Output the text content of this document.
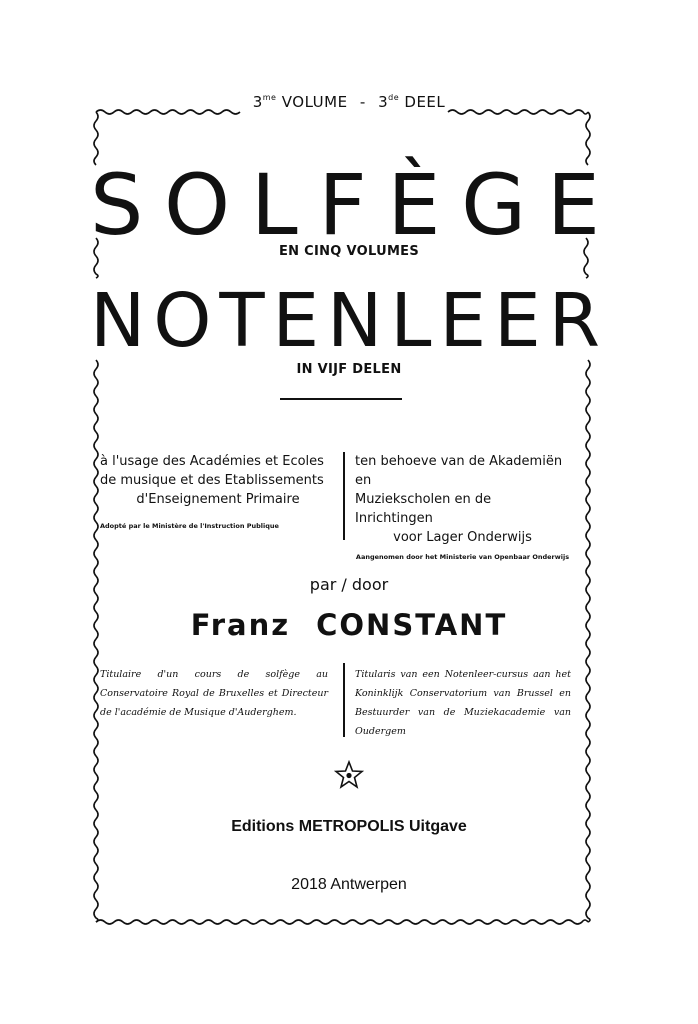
$3^{me}$ VOLUME - 3de DEEL
S O L F È G E
EN CINQ VOLUMES
N O T E N L E E R
IN VIJF DELEN
à l'usage des Académies et Ecoles
de musique et des Etablissements
d'Enseignement Primaire
Adopté par le Ministère de l'Instruction Publique
ten behoeve van de Akademiën en
Muziekscholen en de Inrichtingen
voor Lager Onderwijs
Aangenomen door het Ministerie van Openbaar Onderwijs
par / door
Franz CONSTANT
Titulaire d'un cours de solfège au Conservatoire Royal de Bruxelles et Directeur de l'académie de Musique d'Auderghem.
Titularis van een Notenleer-cursus aan het Koninklijk Conservatorium van Brussel en Bestuurder van de Muziekacademie van Oudergem
Editions METROPOLIS Uitgave
2018 Antwerpen
